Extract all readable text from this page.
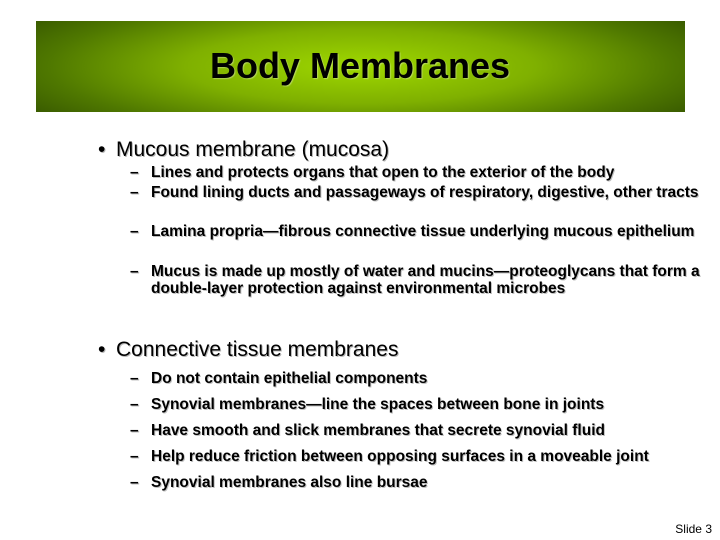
Body Membranes
• Mucous membrane (mucosa)
– Lines and protects organs that open to the exterior of the body
– Found lining ducts and passageways of respiratory, digestive, other tracts
– Lamina propria—fibrous connective tissue underlying mucous epithelium
– Mucus is made up mostly of water and mucins—proteoglycans that form a double-layer protection against environmental microbes
• Connective tissue membranes
– Do not contain epithelial components
– Synovial membranes—line the spaces between bone in joints
– Have smooth and slick membranes that secrete synovial fluid
– Help reduce friction between opposing surfaces in a moveable joint
– Synovial membranes also line bursae
Slide 3
